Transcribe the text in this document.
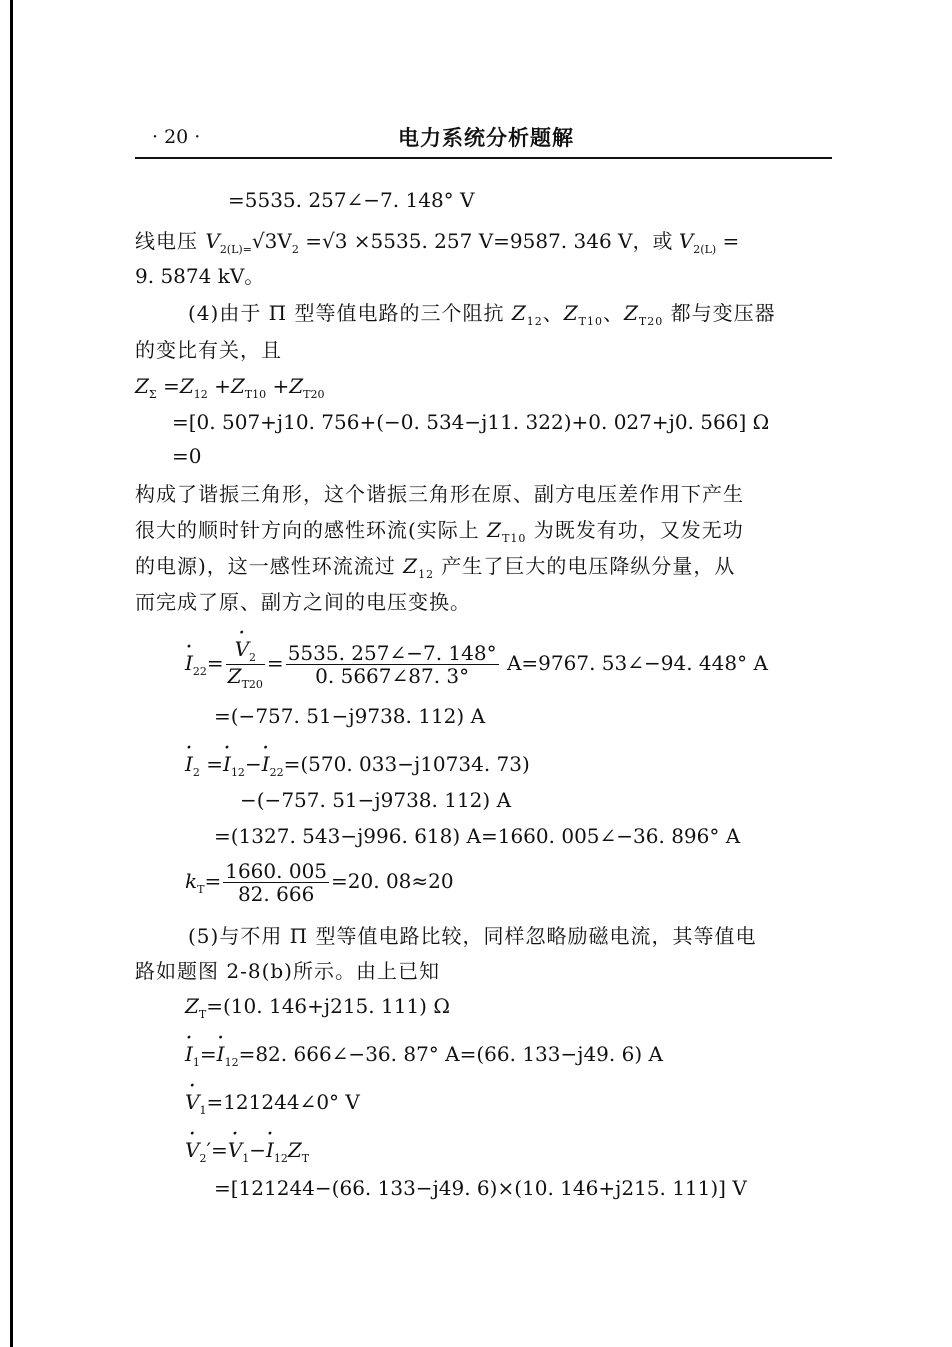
· 20 ·	电力系统分析题解
=5535. 257∠−7. 148° V
线电压 $V_{2(L)=}√3V_2 =√3 \times 5535$. 257 V=9587. 346 V，或 $V_{2(L)}$ =
9. 5874 kV。
(4)由于 Π 型等值电路的三个阻抗 $Z_{12}$、$Z_{T10}$、$Z_{T20}$ 都与变压器
的变比有关，且
$Z_\Sigma =Z_{12} +Z_{T10} +Z_{T20}$
=[0. 507+j10. 756+(−0. 534−j11. 322)+0. 027+j0. 566] Ω
=0
构成了谐振三角形，这个谐振三角形在原、副方电压差作用下产生
很大的顺时针方向的感性环流(实际上 $Z_{T10}$ 为既发有功，又发无功
的电源)，这一感性环流流过 $Z_{12}$ 产生了巨大的电压降纵分量，从
而完成了原、副方之间的电压变换。
· $I_{22}=$
· $\frac{V_2}{Z_{T20}} = \frac{5535. 257\angle-7. 148^\circ}{0. 5667\angle 87. 3^\circ} A=9767$. 53∠−94. 448° A
=(−757. 51−j9738. 112) A
· $I_2 =\cdot I_{12}-\cdot I_{22}=(570$. 033−j10734. 73)
−(−757. 51−j9738. 112) A
=(1327. 543−j996. 618) A=1660. 005∠−36. 896° A
$k_T= \frac{1660. 005}{82. 666} =20$. 08≈20
(5)与不用 Π 型等值电路比较，同样忽略励磁电流，其等值电
路如题图 2-8(b)所示。由上已知
$Z_T=(10$. 146+j215. 111) Ω
· $I_1=\cdot I_{12}=82$. 666∠−36. 87° A=(66. 133−j49. 6) A
· $V_1=121244\angle 0^\circ$ V
· $V_2'=\cdot V_1-\cdot I_{12}Z_T$
=[121244−(66. 133−j49. 6)×(10. 146+j215. 111)] V
